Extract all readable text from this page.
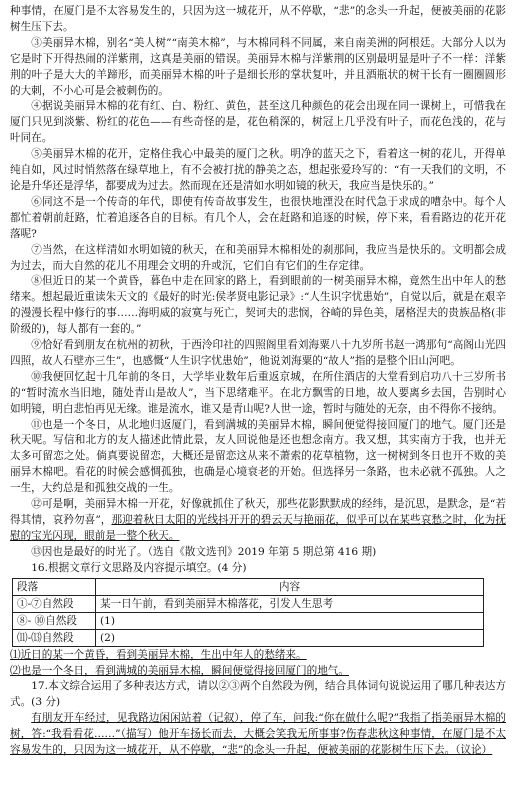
种事情，在厦门是不太容易发生的，只因为这一城花开，从不停歇，“悲”的念头一升起，便被美丽的花影树生压下去。

③美丽异木棉，别名“美人树”“南美木棉”，与木棉同科不同属，来自南美洲的阿根廷。大部分人以为它是时下开得热闹的洋紫荆，这真是美丽的错误。美丽异木棉与洋紫荆的区别最明显是叶子不一样：洋紫荆的叶子是大大的羊蹄形，而美丽异木棉的叶子是细长形的掌状复叶，并且酒瓶状的树干长有一圈圈圆形的大刺，不小心可是会被刺伤的。

④据说美丽异木棉的花有红、白、粉红、黄色，甚至这几种颜色的花会出现在同一课树上，可惜我在厦门只见到淡紫、粉红的花色——有些奇怪的是，花色稍深的，树冠上几乎没有叶子，而花色浅的，花与叶同在。

⑤美丽异木棉的花开，定格住我心中最美的厦门之秋。明净的蓝天之下，看着这一树的花儿，开得单纯自如，风过时悄然落在绿草地上，有不会被打扰的静美之态，想起张爱玲写的：“有一天我们的文明，不论是升华还是浮华，都要成为过去。然而现在还是清如水明如镜的秋天，我应当是快乐的。”

⑥同这不是一个传奇的年代，即使有传奇故事发生，也很快地湮没在时代急于求成的嘈杂中。每个人都忙着朝前赶路，忙着追逐各自的目标。有几个人，会在赶路和追逐的时候，停下来，看看路边的花开花落呢?

⑦当然，在这样清如水明如镜的秋天，在和美丽异木棉相处的刹那间，我应当是快乐的。文明都会成为过去，而大自然的花儿不用理会文明的升或沉，它们自有它们的生存定律。

⑧但近日的某一个黄昏，暮色中走在回家的路上，看到眼前的一树美丽异木棉，竟然生出中年人的愁绪来。想起最近重读朱天文的《最好的时光:侯孝贤电影记录》:“人生识字忧患始”，自觉以后，就是在艰辛的漫漫长程中修行的事……海明威的寂寞与死亡，契诃夫的悲悯，谷崎的异色美，屠格涅夫的贵族品格(非阶级的)，每人都有一套的。”

⑨恰好看到朋友在杭州的初秋，于西泠印社的四照阁里看刘海粟八十九岁所书赵一鸿那句“高阁山光四四照，故人石壁亦三生”，也感慨“人生识字忧患始”，他说刘海粟的“故人”指的是整个旧山河吧。

⑩我便回忆起十几年前的冬日，大学毕业数年后重返京城，在所住酒店的大堂看到启功八十三岁所书的“暂时流水当旧地，随处青山是故人”，当下思绪难平。在北方飘雪的日地，故人要离乡去国，告别时心如明镜，明白悲怕再见无缘。谁是流水，谁又是青山呢?人世一途，暂时与随处的无奈，由不得你不接纳。

⑪也是一个冬日，从北地归返厦门，看到满城的美丽异木棉，瞬间便觉得接回厦门的地气。厦门还是秋天呢。写信和北方的友人描述此情此景，友人回说他是还也想念南方。我又想，其实南方于我，也并无太多可留恋之处。倘真要说留恋，大概还是留恋这从来不萧索的花草植物，这一树树到冬日也开不败的美丽异木棉吧。看花的时候会感惆孤独，也确是心境衰老的开始。但选择另一条路，也未必就不孤独。人之一生，大约总是和孤独交战的一生。

⑫可是啊，美丽异木棉一开花，好像就抓住了秋天，那些花影默默成的经纬，是沉思，是默念，是“若得其情，哀矜勿喜”，那迎着秋日太阳的光线抖开开的碧云天与艳丽花，似乎可以在某些哀愁之时，化为抚慰的宝光闪现，眼前是一整个秋天。

⑬因也是最好的时光了。（选自《散文选刊》2019 年第 5 期总第 416 期)

16.根据文章行文思路及内容提示填空。(4 分)

段落	内容
①-⑦自然段	某一日午前，看到美丽异木棉落花，引发人生思考
⑧- ⑩自然段	(1)
⑾-⒀自然段	(2)

⑴近日的某一个黄昏，看到美丽异木棉，生出中年人的愁绪来。

⑵也是一个冬日，看到满城的美丽异木棉，瞬间便觉得接回厦门的地气。

17.本文综合运用了多种表达方式，请以②③两个自然段为例，结合具体词句说说运用了哪几种表达方式。(3 分)

有朋友开车经过，见我路边闲闲站着（记叙），停了车，问我:“你在做什么呢?”我指了指美丽异木棉的树，答:“我看看花……”（描写）他开车扬长而去，大概会笑我无所事事?伤春悲秋这种事情，在厦门是不太容易发生的，只因为这一城花开，从不停歇，“悲”的念头一升起，便被美丽的花影树生压下去。（议论）
